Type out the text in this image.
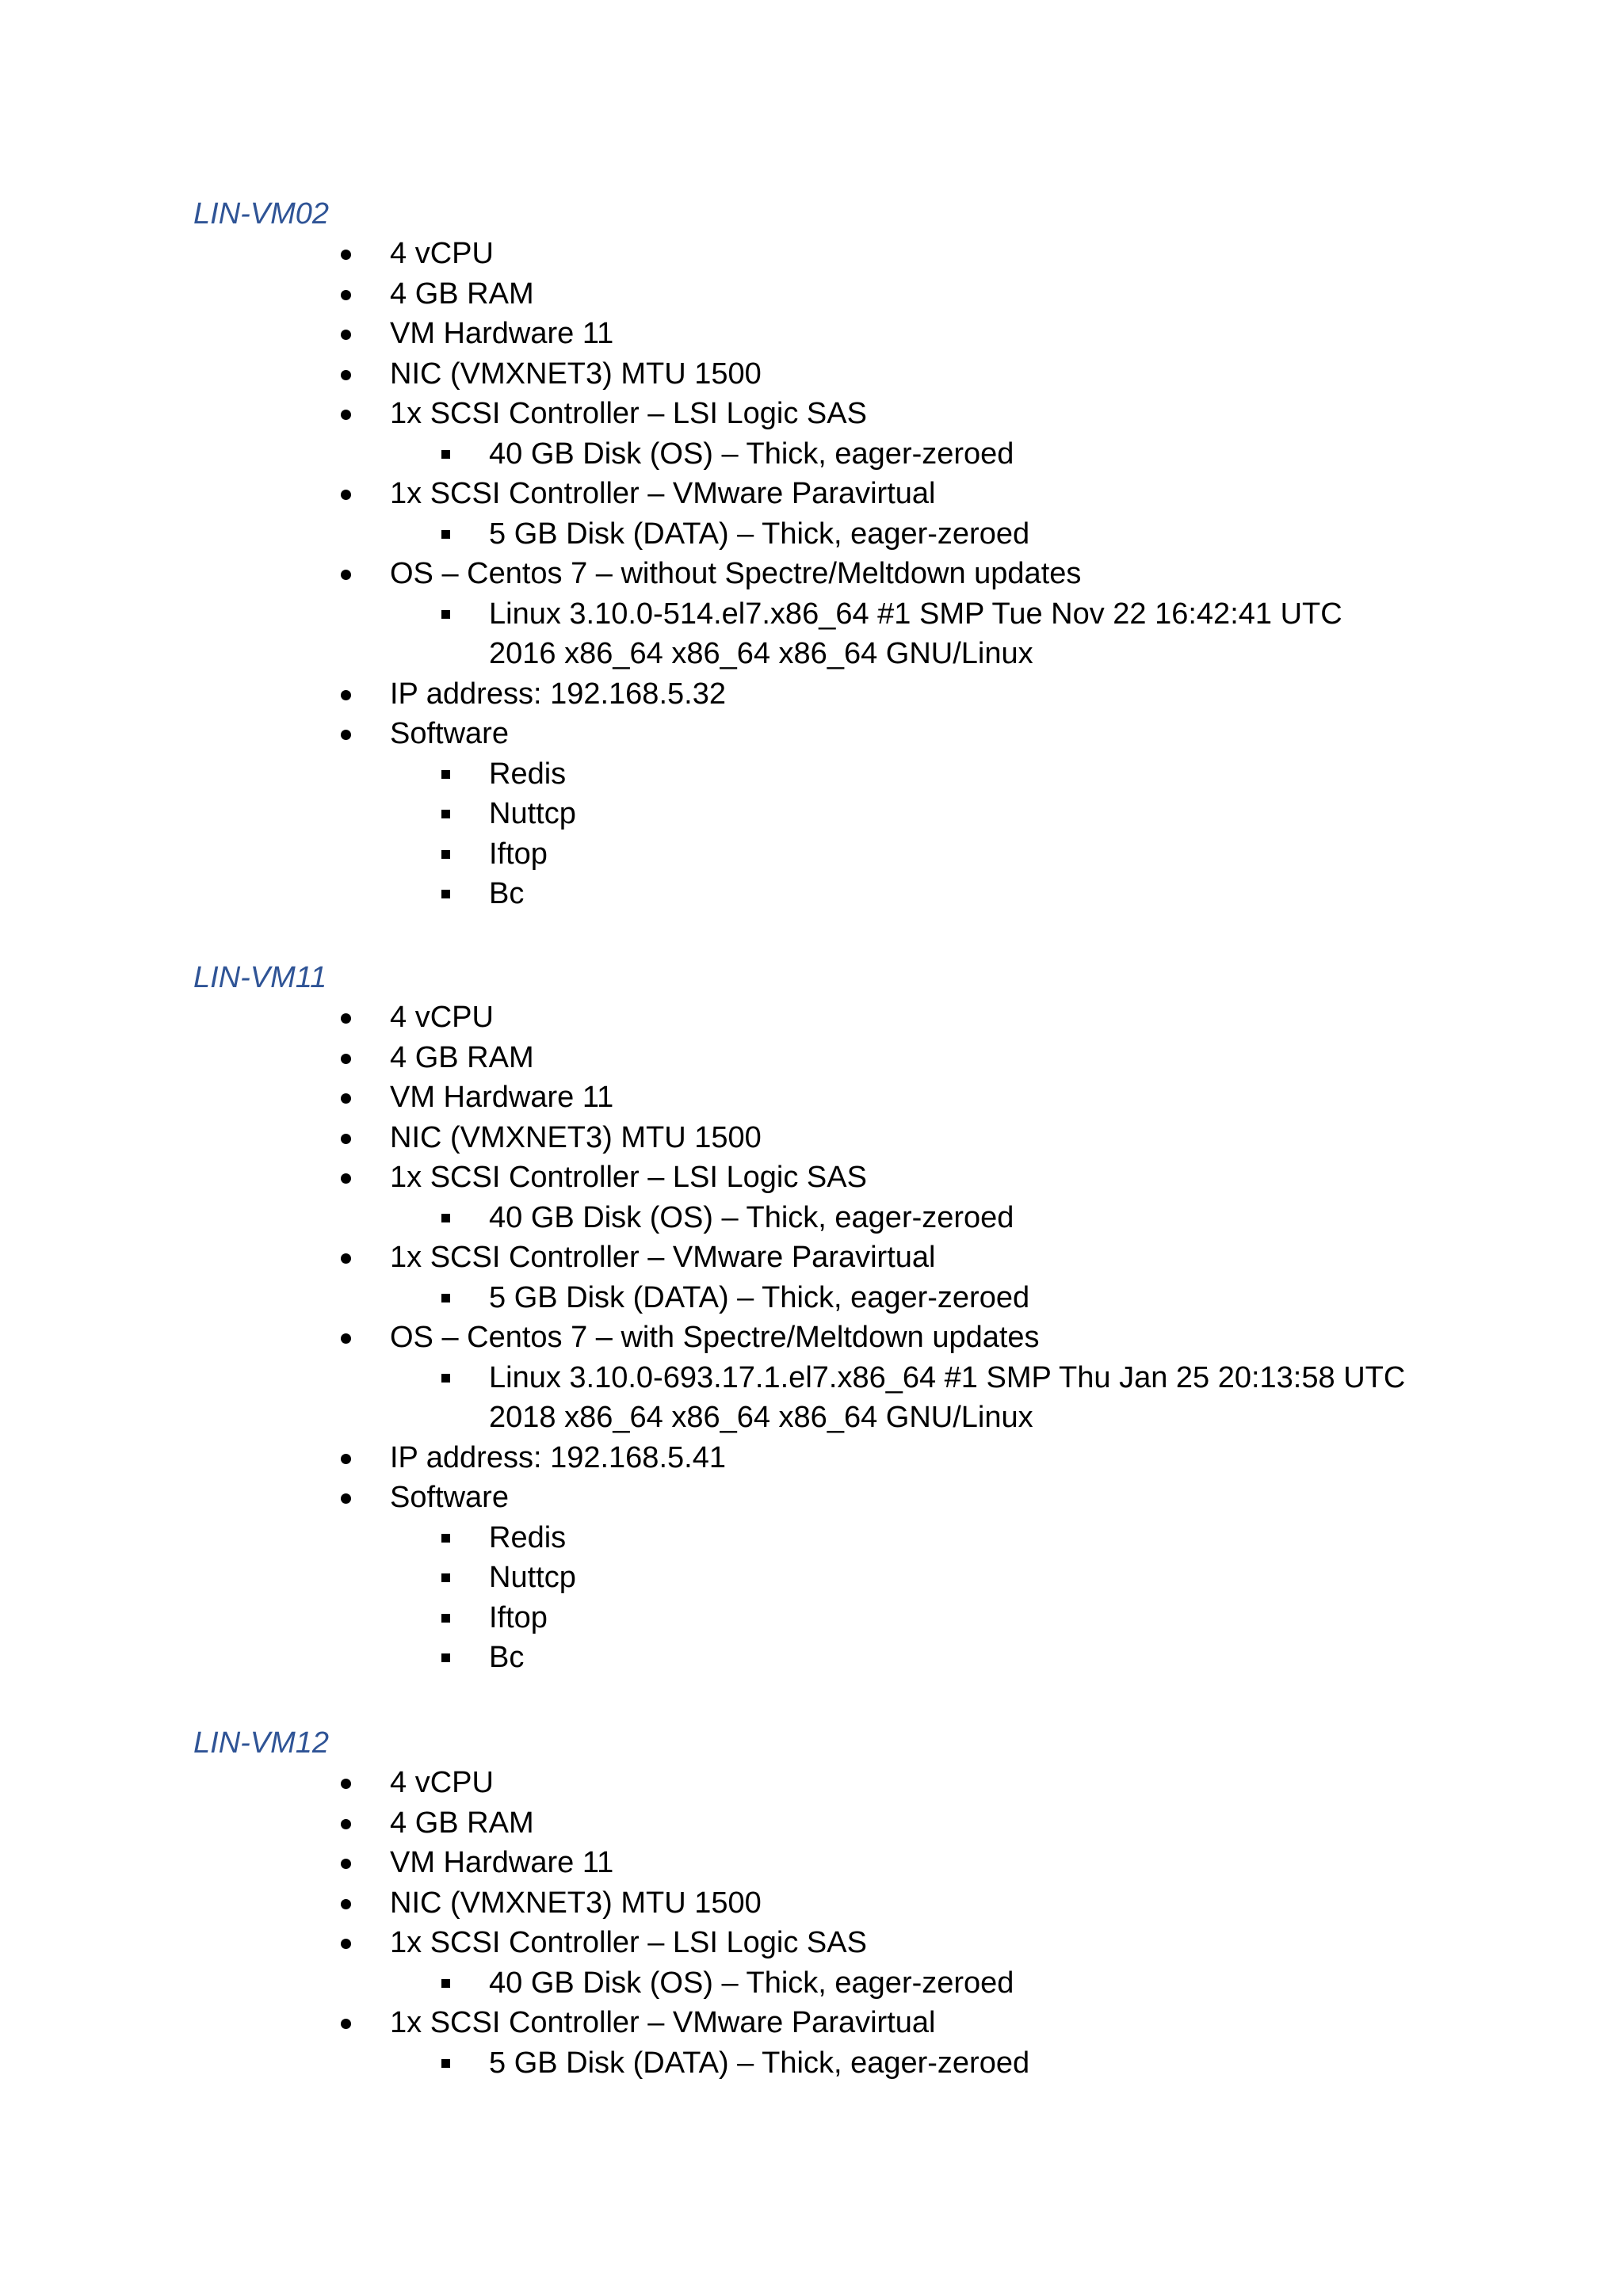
LIN-VM02
4 vCPU
4 GB RAM
VM Hardware 11
NIC (VMXNET3) MTU 1500
1x SCSI Controller – LSI Logic SAS
40 GB Disk (OS) – Thick, eager-zeroed
1x SCSI Controller – VMware Paravirtual
5 GB Disk (DATA) – Thick, eager-zeroed
OS – Centos 7 – without Spectre/Meltdown updates
Linux 3.10.0-514.el7.x86_64 #1 SMP Tue Nov 22 16:42:41 UTC 2016 x86_64 x86_64 x86_64 GNU/Linux
IP address: 192.168.5.32
Software
Redis
Nuttcp
Iftop
Bc
LIN-VM11
4 vCPU
4 GB RAM
VM Hardware 11
NIC (VMXNET3) MTU 1500
1x SCSI Controller – LSI Logic SAS
40 GB Disk (OS) – Thick, eager-zeroed
1x SCSI Controller – VMware Paravirtual
5 GB Disk (DATA) – Thick, eager-zeroed
OS – Centos 7 – with Spectre/Meltdown updates
Linux 3.10.0-693.17.1.el7.x86_64 #1 SMP Thu Jan 25 20:13:58 UTC 2018 x86_64 x86_64 x86_64 GNU/Linux
IP address: 192.168.5.41
Software
Redis
Nuttcp
Iftop
Bc
LIN-VM12
4 vCPU
4 GB RAM
VM Hardware 11
NIC (VMXNET3) MTU 1500
1x SCSI Controller – LSI Logic SAS
40 GB Disk (OS) – Thick, eager-zeroed
1x SCSI Controller – VMware Paravirtual
5 GB Disk (DATA) – Thick, eager-zeroed
